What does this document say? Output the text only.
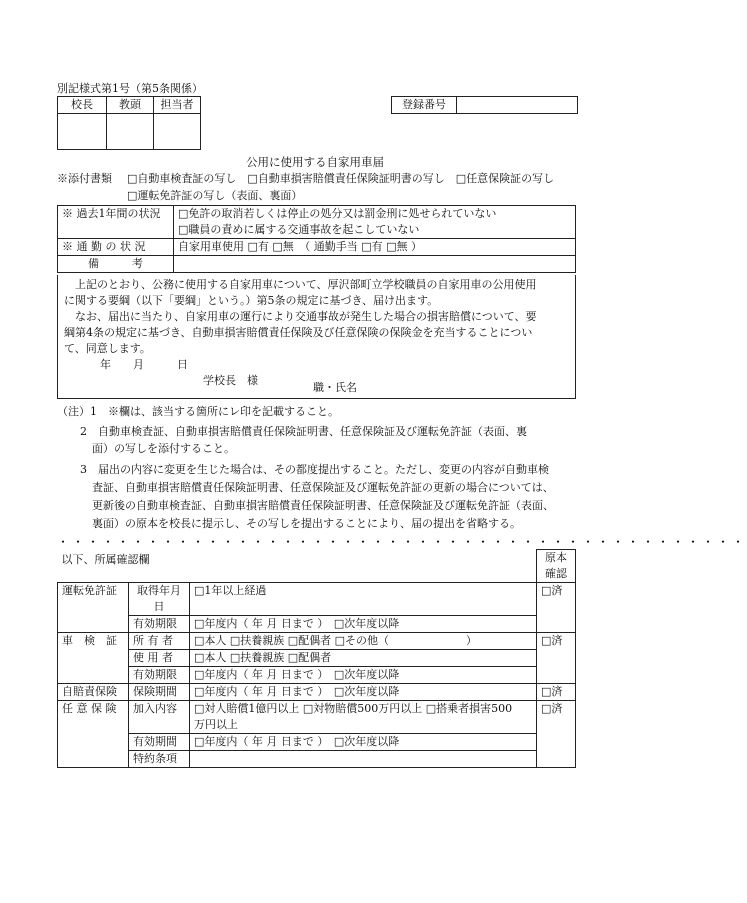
別記様式第1号（第5条関係）
校長	教頭	担当者
			登録番号	
公用に使用する自家用車届
※添付書類 □自動車検査証の写し　□自動車損害賠償責任保険証明書の写し　□任意保険証の写し
□運転免許証の写し（表面、裏面）
※ 過去1年間の状況	□免許の取消若しくは停止の処分又は罰金刑に処せられていない
□職員の責めに属する交通事故を起こしていない

※ 通 勤 の 状 況	自家用車使用 □有 □無　（ 通勤手当 □有 □無 ）
備　　　考	
　上記のとおり、公務に使用する自家用車について、厚沢部町立学校職員の自家用車の公用使用
に関する要綱（以下「要綱」という。）第5条の規定に基づき、届け出ます。
　なお、届出に当たり、自家用車の運行により交通事故が発生した場合の損害賠償について、要
綱第4条の規定に基づき、自動車損害賠償責任保険及び任意保険の保険金を充当することについ
て、同意します。
年　　月　　　日
学校長　様
職・氏名
（注）1　※欄は、該当する箇所にレ印を記載すること。
2　自動車検査証、自動車損害賠償責任保険証明書、任意保険証及び運転免許証（表面、裏
面）の写しを添付すること。
3　届出の内容に変更を生じた場合は、その都度提出すること。ただし、変更の内容が自動車検
査証、自動車損害賠償責任保険証明書、任意保険証及び運転免許証の更新の場合については、
更新後の自動車検査証、自動車損害賠償責任保険証明書、任意保険証及び運転免許証（表面、
裏面）の原本を校長に提示し、その写しを提出することにより、届の提出を省略する。
・・・・・・・・・・・・・・・・・・・・・・・・・・・・・・・・・・・・・・・・・・・・・・
以下、所属確認欄			原本
確認

運転免許証	取得年月
日	□1年以上経過	□済
	有効期限	□年度内（ 年 月 日まで ）　□次年度以降	
車　検　証	所 有 者	□本人 □扶養親族 □配偶者 □その他（　　　　　　　）	□済
	使 用 者	□本人 □扶養親族 □配偶者	
	有効期限	□年度内（ 年 月 日まで ）　□次年度以降	
自賠責保険	保険期間	□年度内（ 年 月 日まで ）　□次年度以降	□済
任 意 保 険	加入内容	□対人賠償1億円以上 □対物賠償500万円以上 □搭乗者損害500
万円以上	□済
	有効期間	□年度内（ 年 月 日まで ）　□次年度以降	
	特約条項		
